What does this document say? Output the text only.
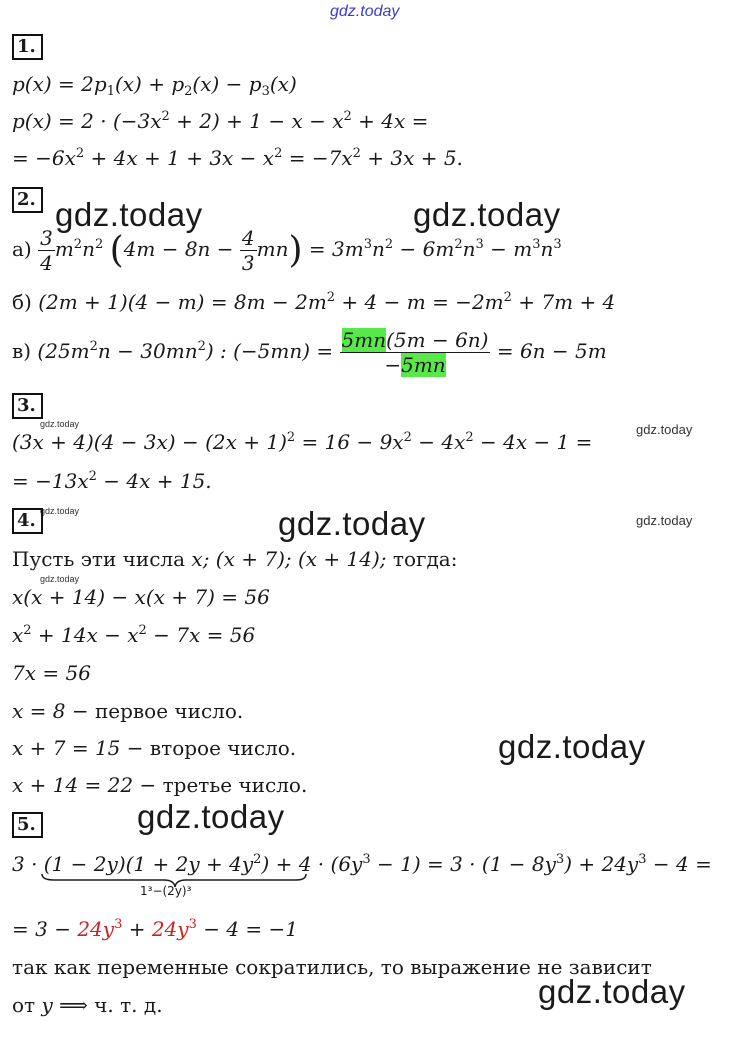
gdz.today
gdz.today	gdz.today
gdz.today
gdz.today
gdz.today
gdz.today
gdz.today
gdz.today
gdz.today
gdz.today
gdz.today
1.
$p(x) = 2p_1(x) + p_2(x) - p_3(x)$
$p(x) = 2 \cdot (-3x^2 + 2) + 1 - x - x^2 + 4x$ =
= $-6x^2 + 4x + 1 + 3x - x^2 = -7x^2 + 3x + 5$.
2.
$а) \frac{3}{4} m^2n^2$ $(4m - 8n - \frac{4}{3} mn) = 3m^3n^2 - 6m^2n^3 - m^3n^3$
б) $(2m + 1)(4 - m) = 8m - 2m^2 + 4 - m = -2m^2 + 7m + 4$
в) $(25m^2n - 30mn^2)$ : $(-5mn) = \frac{5mn(5m - 6n)}{-5mn} = 6n - 5m$
3.
$(3x + 4)(4 - 3x) - (2x + 1)^2 = 16 - 9x^2 - 4x^2 - 4x - 1$ =
= $-13x^2 - 4x + 15$.
4.
Пусть эти числа x; (x + 7); (x + 14); тогда:
x(x + 14) − x(x + 7) = 56
$x^2 + 14x - x^2 - 7x = 56$
7x = 56
x = 8 − первое число.
x + 7 = 15 − второе число.
x + 14 = 22 − третье число.
5.
$3 \cdot (1 - 2y)(1 + 2y + 4y^2) + 4 \cdot (6y^3 - 1) = 3 \cdot (1 - 8y^3) + 24y^3 - 4$ =
1³−(2y)³
= $3 - 24y^3 + 24y^3 - 4 = -1$
так как переменные сократились, то выражение не зависит
от y ⟹ ч. т. д.
